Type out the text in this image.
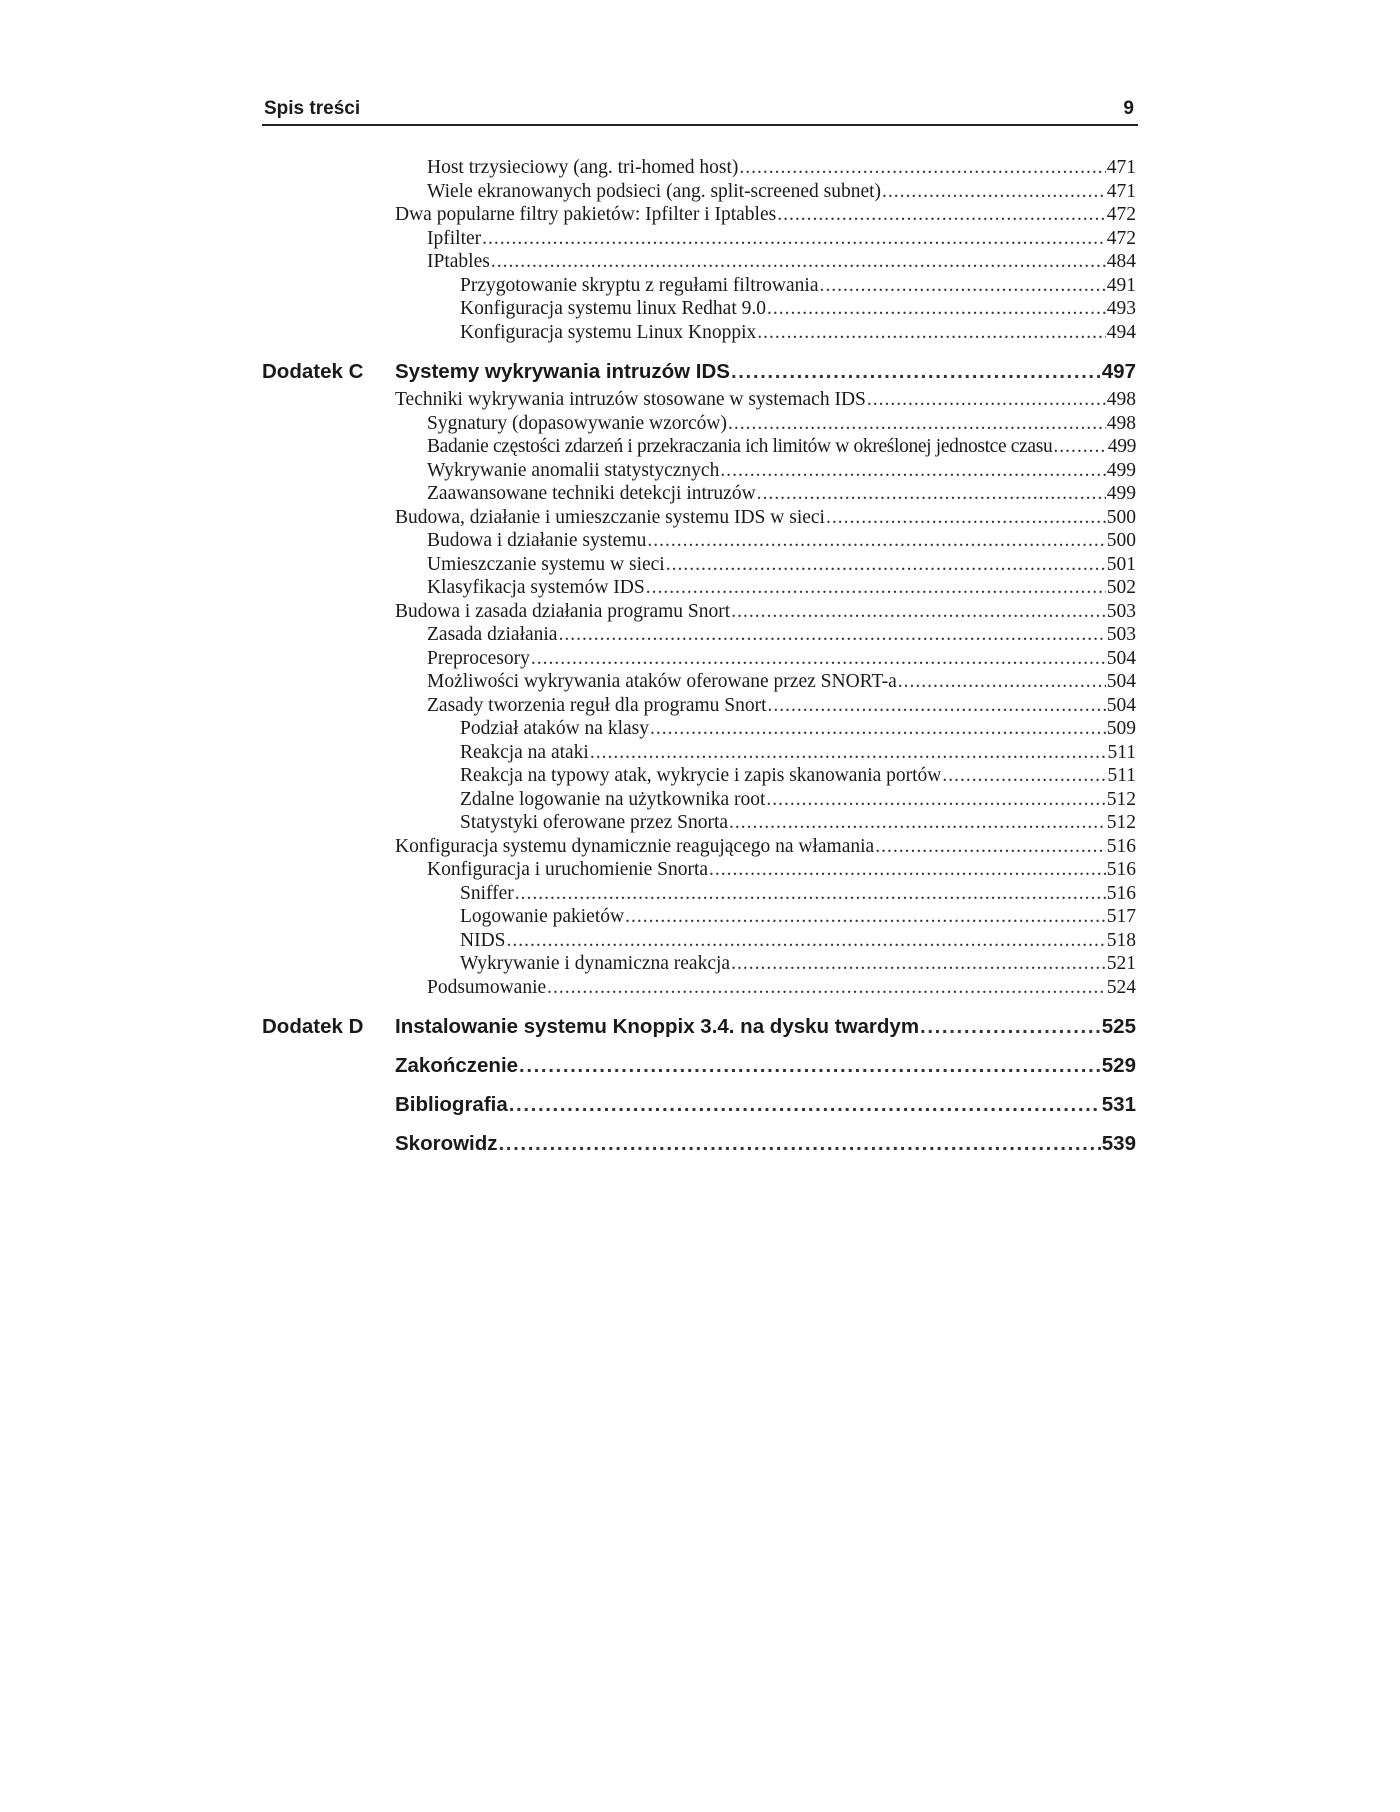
Spis treści	9
Host trzysieciowy (ang. tri-homed host) .....	471
Wiele ekranowanych podsieci (ang. split-screened subnet) .....	471
Dwa popularne filtry pakietów: Ipfilter i Iptables .....	472
Ipfilter .....	472
IPtables .....	484
Przygotowanie skryptu z regułami filtrowania .....	491
Konfiguracja systemu linux Redhat 9.0 .....	493
Konfiguracja systemu Linux Knoppix .....	494
Dodatek C Systemy wykrywania intruzów IDS .....	497
Techniki wykrywania intruzów stosowane w systemach IDS .....	498
Sygnatury (dopasowywanie wzorców) .....	498
Badanie częstości zdarzeń i przekraczania ich limitów w określonej jednostce czasu .....	499
Wykrywanie anomalii statystycznych .....	499
Zaawansowane techniki detekcji intruzów .....	499
Budowa, działanie i umieszczanie systemu IDS w sieci .....	500
Budowa i działanie systemu .....	500
Umieszczanie systemu w sieci .....	501
Klasyfikacja systemów IDS .....	502
Budowa i zasada działania programu Snort .....	503
Zasada działania .....	503
Preprocesory .....	504
Możliwości wykrywania ataków oferowane przez SNORT-a .....	504
Zasady tworzenia reguł dla programu Snort .....	504
Podział ataków na klasy .....	509
Reakcja na ataki .....	511
Reakcja na typowy atak, wykrycie i zapis skanowania portów .....	511
Zdalne logowanie na użytkownika root .....	512
Statystyki oferowane przez Snorta .....	512
Konfiguracja systemu dynamicznie reagującego na włamania .....	516
Konfiguracja i uruchomienie Snorta .....	516
Sniffer .....	516
Logowanie pakietów .....	517
NIDS .....	518
Wykrywanie i dynamiczna reakcja .....	521
Podsumowanie .....	524
Dodatek D Instalowanie systemu Knoppix 3.4. na dysku twardym .....	525
Zakończenie .....	529
Bibliografia .....	531
Skorowidz .....	539
